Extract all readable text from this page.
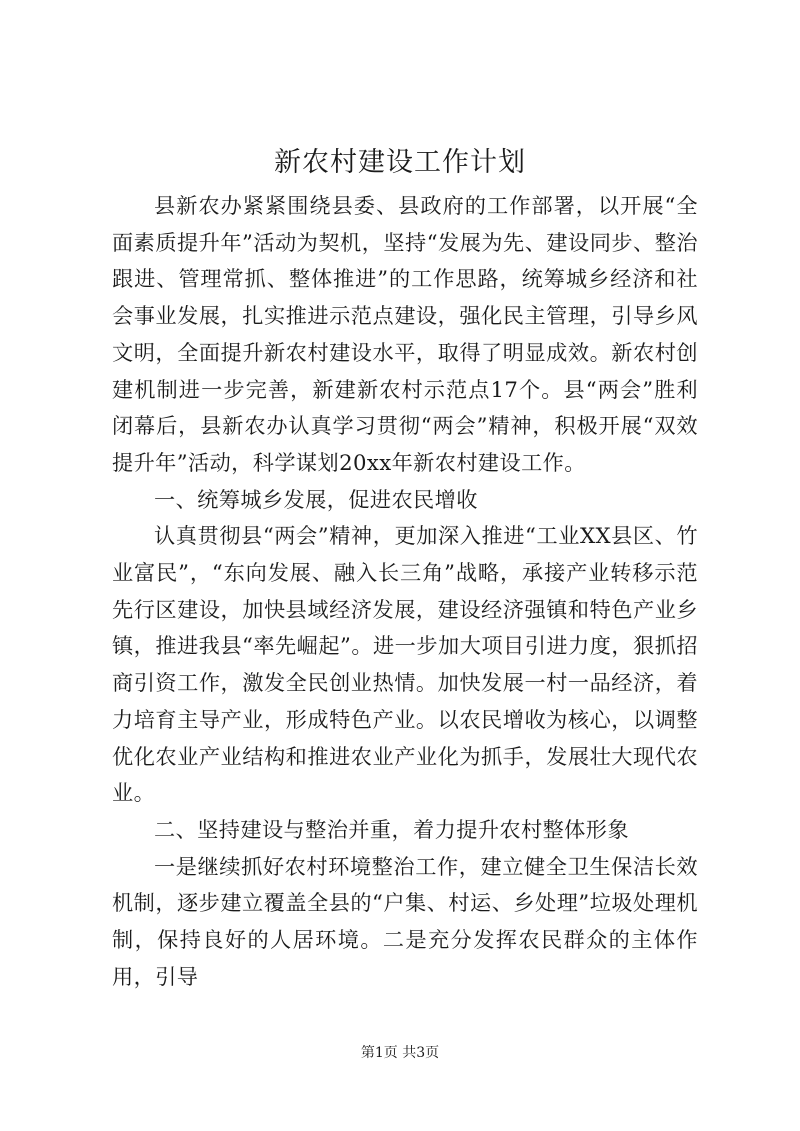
新农村建设工作计划

县新农办紧紧围绕县委、县政府的工作部署，以开展“全面素质提升年”活动为契机，坚持“发展为先、建设同步、整治跟进、管理常抓、整体推进”的工作思路，统筹城乡经济和社会事业发展，扎实推进示范点建设，强化民主管理，引导乡风文明，全面提升新农村建设水平，取得了明显成效。新农村创建机制进一步完善，新建新农村示范点17个。县“两会”胜利闭幕后，县新农办认真学习贯彻“两会”精神，积极开展“双效提升年”活动，科学谋划20xx年新农村建设工作。

一、统筹城乡发展，促进农民增收

认真贯彻县“两会”精神，更加深入推进“工业XX县区、竹业富民”，“东向发展、融入长三角”战略，承接产业转移示范先行区建设，加快县域经济发展，建设经济强镇和特色产业乡镇，推进我县“率先崛起”。进一步加大项目引进力度，狠抓招商引资工作，激发全民创业热情。加快发展一村一品经济，着力培育主导产业，形成特色产业。以农民增收为核心，以调整优化农业产业结构和推进农业产业化为抓手，发展壮大现代农业。

二、坚持建设与整治并重，着力提升农村整体形象

一是继续抓好农村环境整治工作，建立健全卫生保洁长效机制，逐步建立覆盖全县的“户集、村运、乡处理”垃圾处理机制，保持良好的人居环境。二是充分发挥农民群众的主体作用，引导

第1页 共3页
